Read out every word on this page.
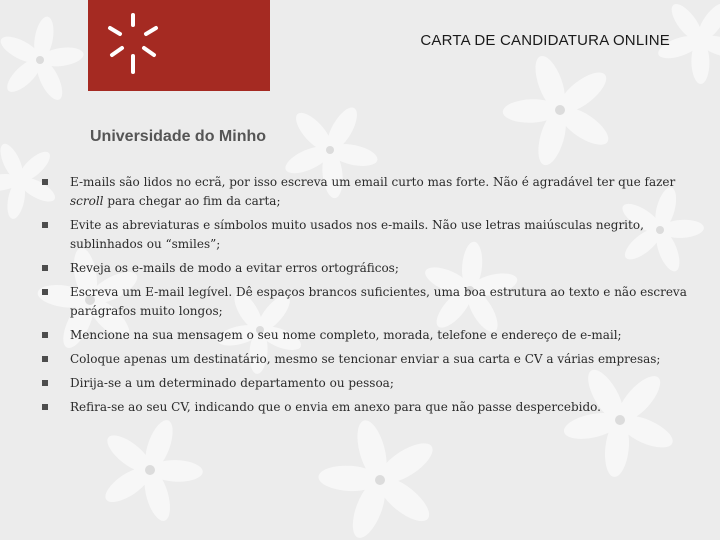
CARTA DE CANDIDATURA ONLINE
Universidade do Minho
E-mails são lidos no ecrã, por isso escreva um email curto mas forte. Não é agradável ter que fazer scroll para chegar ao fim da carta;
Evite as abreviaturas e símbolos muito usados nos e-mails. Não use letras maiúsculas negrito, sublinhados ou “smiles”;
Reveja os e-mails de modo a evitar erros ortográficos;
Escreva um E-mail legível. Dê espaços brancos suficientes, uma boa estrutura ao texto e não escreva parágrafos muito longos;
Mencione na sua mensagem o seu nome completo, morada, telefone e endereço de e-mail;
Coloque apenas um destinatário, mesmo se tencionar enviar a sua carta e CV a várias empresas;
Dirija-se a um determinado departamento ou pessoa;
Refira-se ao seu CV, indicando que o envia em anexo para que não passe despercebido.
